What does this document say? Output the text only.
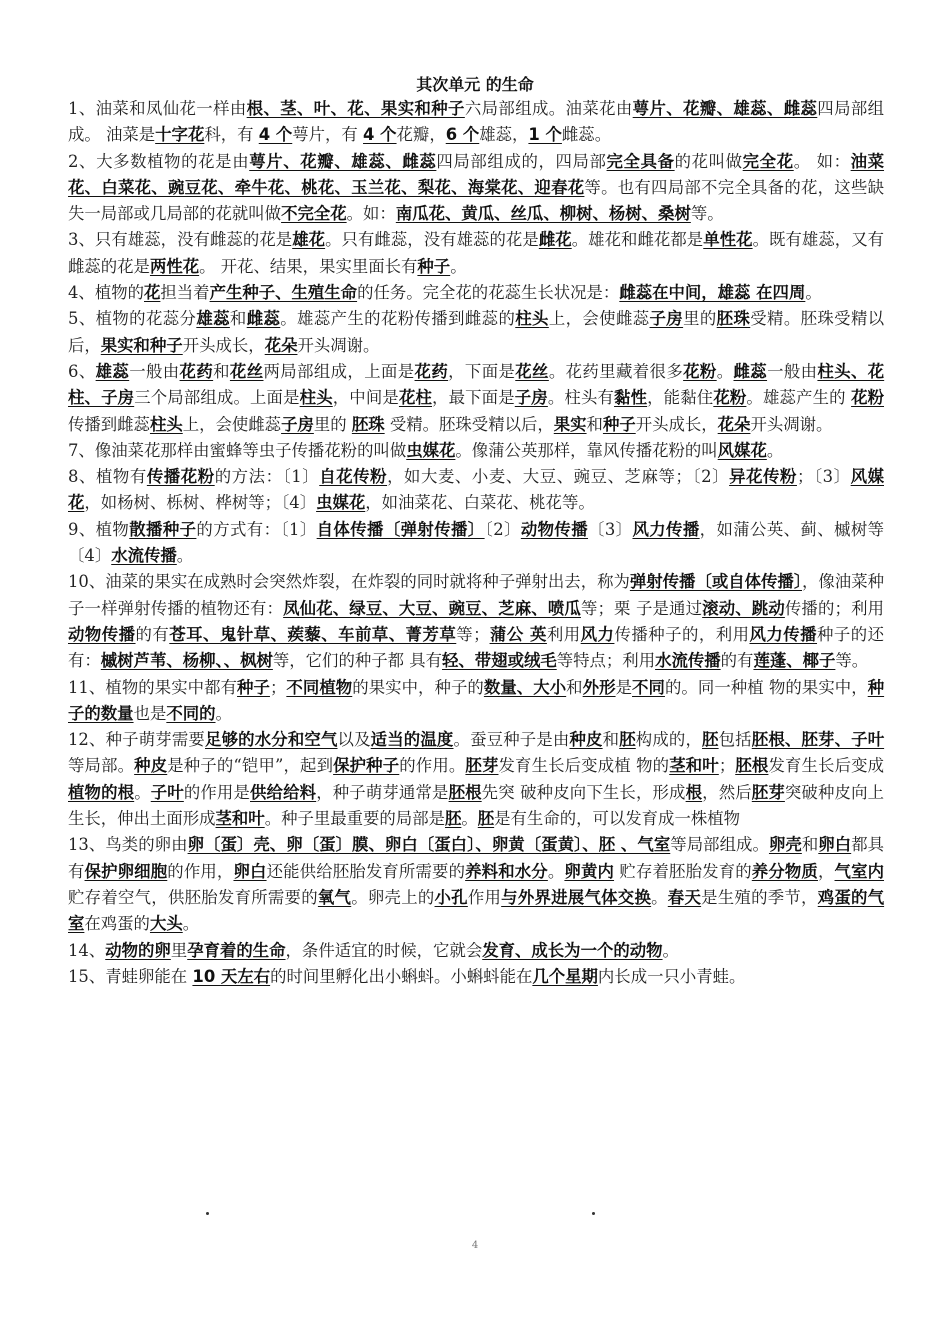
其次单元 的生命

1、油菜和凤仙花一样由根、茎、叶、花、果实和种子六局部组成。油菜花由萼片、花瓣、雄蕊、雌蕊四局部组成。 油菜是十字花科，有 4 个萼片，有 4 个花瓣，6 个雄蕊，1 个雌蕊。

2、大多数植物的花是由萼片、花瓣、雄蕊、雌蕊四局部组成的，四局部完全具备的花叫做完全花。 如：油菜花、白菜花、豌豆花、牵牛花、桃花、玉兰花、梨花、海棠花、迎春花等。也有四局部不完全具备的花，这些缺失一局部或几局部的花就叫做不完全花。如：南瓜花、黄瓜、丝瓜、柳树、杨树、桑树等。

3、只有雄蕊，没有雌蕊的花是雄花。只有雌蕊，没有雄蕊的花是雌花。雄花和雌花都是单性花。既有雄蕊，又有雌蕊的花是两性花。 开花、结果，果实里面长有种子。

4、植物的花担当着产生种子、生殖生命的任务。完全花的花蕊生长状况是：雌蕊在中间，雄蕊 在四周。

5、植物的花蕊分雄蕊和雌蕊。雄蕊产生的花粉传播到雌蕊的柱头上，会使雌蕊子房里的胚珠受精。胚珠受精以后，果实和种子开头成长，花朵开头凋谢。

6、雄蕊一般由花药和花丝两局部组成，上面是花药，下面是花丝。花药里藏着很多花粉。雌蕊一般由柱头、花柱、子房三个局部组成。上面是柱头，中间是花柱，最下面是子房。柱头有黏性，能黏住花粉。雄蕊产生的 花粉 传播到雌蕊柱头上，会使雌蕊子房里的 胚珠 受精。胚珠受精以后，果实和种子开头成长，花朵开头凋谢。

7、像油菜花那样由蜜蜂等虫子传播花粉的叫做虫媒花。像蒲公英那样，靠风传播花粉的叫风媒花。

8、植物有传播花粉的方法：〔1〕自花传粉，如大麦、小麦、大豆、豌豆、芝麻等；〔2〕异花传粉；〔3〕风媒花，如杨树、栎树、桦树等；〔4〕虫媒花，如油菜花、白菜花、桃花等。

9、植物散播种子的方式有：〔1〕自体传播〔弹射传播〕〔2〕动物传播〔3〕风力传播，如蒲公英、蓟、槭树等〔4〕水流传播。

10、油菜的果实在成熟时会突然炸裂，在炸裂的同时就将种子弹射出去，称为弹射传播〔或自体传播〕，像油菜种子一样弹射传播的植物还有：凤仙花、绿豆、大豆、豌豆、芝麻、喷瓜等；栗 子是通过滚动、跳动传播的；利用动物传播的有苍耳、鬼针草、蒺藜、车前草、菁芳草等；蒲公 英利用风力传播种子的，利用风力传播种子的还有：槭树芦苇、杨柳、、枫树等，它们的种子都 具有轻、带翅或绒毛等特点；利用水流传播的有莲蓬、椰子等。

11、植物的果实中都有种子；不同植物的果实中，种子的数量、大小和外形是不同的。同一种植 物的果实中，种子的数量也是不同的。

12、种子萌芽需要足够的水分和空气以及适当的温度。蚕豆种子是由种皮和胚构成的，胚包括胚根、胚芽、子叶等局部。种皮是种子的“铠甲”，起到保护种子的作用。胚芽发育生长后变成植 物的茎和叶；胚根发育生长后变成植物的根。子叶的作用是供给给料，种子萌芽通常是胚根先突 破种皮向下生长，形成根，然后胚芽突破种皮向上生长，伸出土面形成茎和叶。种子里最重要的局部是胚。胚是有生命的，可以发育成一株植物

13、鸟类的卵由卵〔蛋〕壳、卵〔蛋〕膜、卵白〔蛋白〕、卵黄〔蛋黄〕、胚 、气室等局部组成。卵壳和卵白都具有保护卵细胞的作用，卵白还能供给胚胎发育所需要的养料和水分。卵黄内 贮存着胚胎发育的养分物质，气室内贮存着空气，供胚胎发育所需要的氧气。卵壳上的小孔作用与外界进展气体交换。春天是生殖的季节，鸡蛋的气室在鸡蛋的大头。

14、动物的卵里孕育着的生命，条件适宜的时候，它就会发育、成长为一个的动物。

15、青蛙卵能在 10 天左右的时间里孵化出小蝌蚪。小蝌蚪能在几个星期内长成一只小青蛙。

4
